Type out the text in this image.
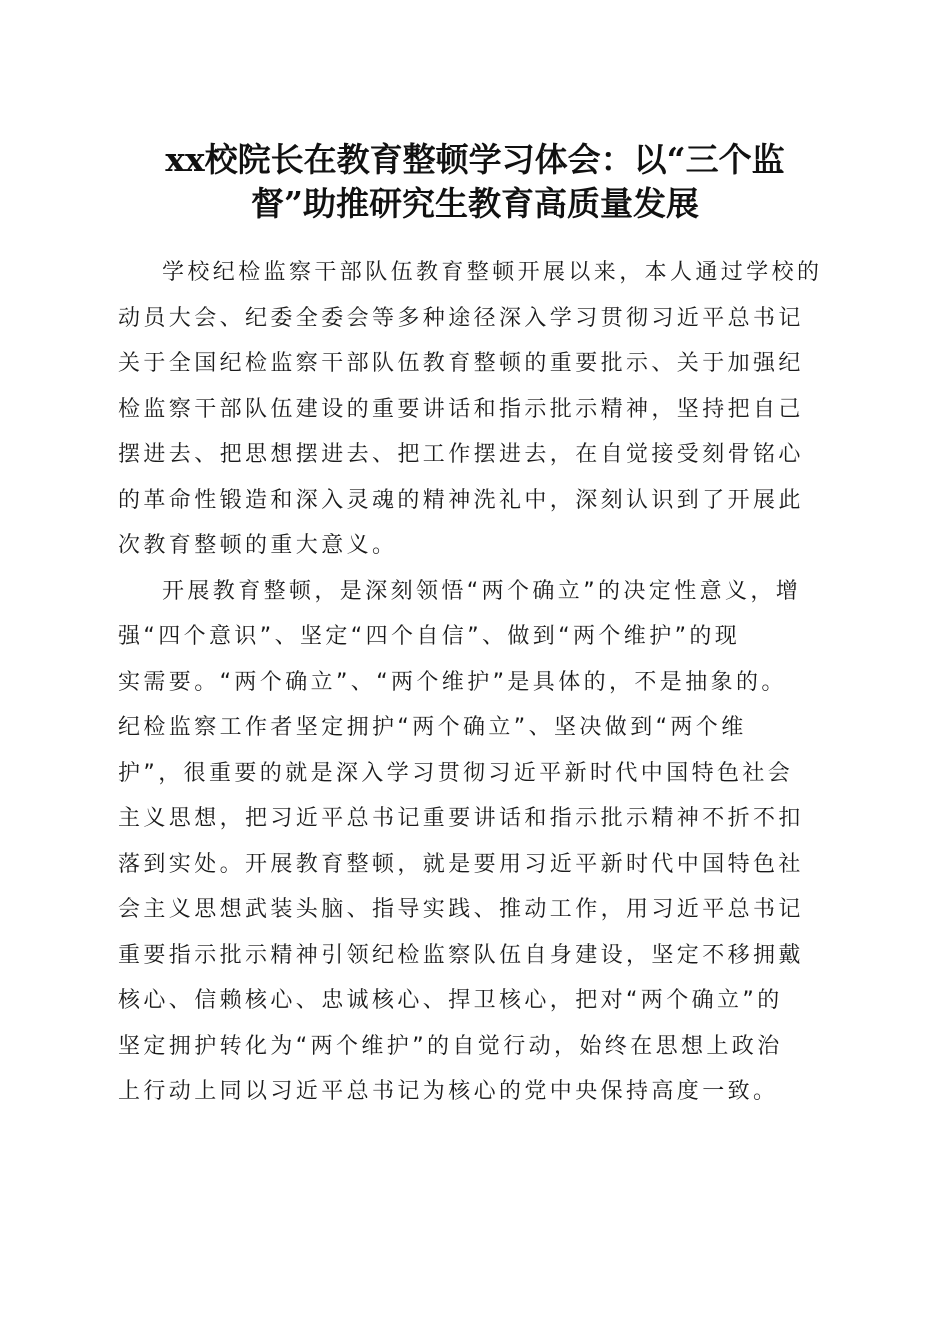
xx校院长在教育整顿学习体会：以“三个监
督”助推研究生教育高质量发展
学校纪检监察干部队伍教育整顿开展以来，本人通过学校的
动员大会、纪委全委会等多种途径深入学习贯彻习近平总书记
关于全国纪检监察干部队伍教育整顿的重要批示、关于加强纪
检监察干部队伍建设的重要讲话和指示批示精神，坚持把自己
摆进去、把思想摆进去、把工作摆进去，在自觉接受刻骨铭心
的革命性锻造和深入灵魂的精神洗礼中，深刻认识到了开展此
次教育整顿的重大意义。
开展教育整顿，是深刻领悟“两个确立”的决定性意义，增
强“四个意识”、坚定“四个自信”、做到“两个维护”的现
实需要。“两个确立”、“两个维护”是具体的，不是抽象的。
纪检监察工作者坚定拥护“两个确立”、坚决做到“两个维
护”，很重要的就是深入学习贯彻习近平新时代中国特色社会
主义思想，把习近平总书记重要讲话和指示批示精神不折不扣
落到实处。开展教育整顿，就是要用习近平新时代中国特色社
会主义思想武装头脑、指导实践、推动工作，用习近平总书记
重要指示批示精神引领纪检监察队伍自身建设，坚定不移拥戴
核心、信赖核心、忠诚核心、捍卫核心，把对“两个确立”的
坚定拥护转化为“两个维护”的自觉行动，始终在思想上政治
上行动上同以习近平总书记为核心的党中央保持高度一致。
